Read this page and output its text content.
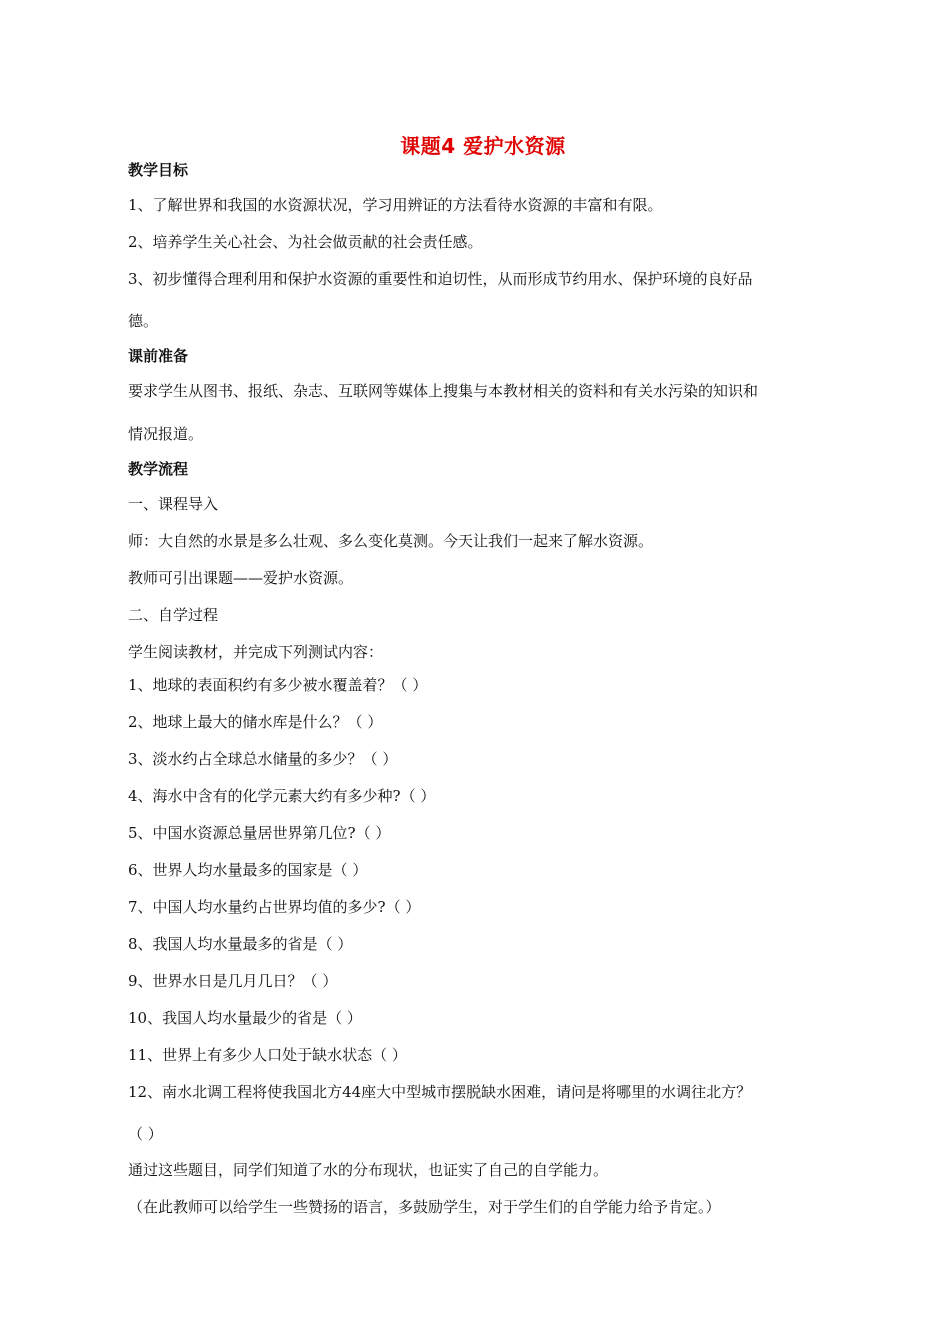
课题4 爱护水资源
教学目标
1、了解世界和我国的水资源状况，学习用辨证的方法看待水资源的丰富和有限。
2、培养学生关心社会、为社会做贡献的社会责任感。
3、初步懂得合理利用和保护水资源的重要性和迫切性，从而形成节约用水、保护环境的良好品
德。
课前准备
要求学生从图书、报纸、杂志、互联网等媒体上搜集与本教材相关的资料和有关水污染的知识和
情况报道。
教学流程
一、课程导入
师：大自然的水景是多么壮观、多么变化莫测。今天让我们一起来了解水资源。
教师可引出课题——爱护水资源。
二、自学过程
学生阅读教材，并完成下列测试内容：
1、地球的表面积约有多少被水覆盖着？（ ）
2、地球上最大的储水库是什么？（ ）
3、淡水约占全球总水储量的多少？（ ）
4、海水中含有的化学元素大约有多少种?（ ）
5、中国水资源总量居世界第几位?（ ）
6、世界人均水量最多的国家是（ ）
7、中国人均水量约占世界均值的多少?（ ）
8、我国人均水量最多的省是（ ）
9、世界水日是几月几日？（ ）
10、我国人均水量最少的省是（ ）
11、世界上有多少人口处于缺水状态（ ）
12、南水北调工程将使我国北方44座大中型城市摆脱缺水困难，请问是将哪里的水调往北方？
（ ）
通过这些题目，同学们知道了水的分布现状，也证实了自己的自学能力。
（在此教师可以给学生一些赞扬的语言，多鼓励学生，对于学生们的自学能力给予肯定。）
